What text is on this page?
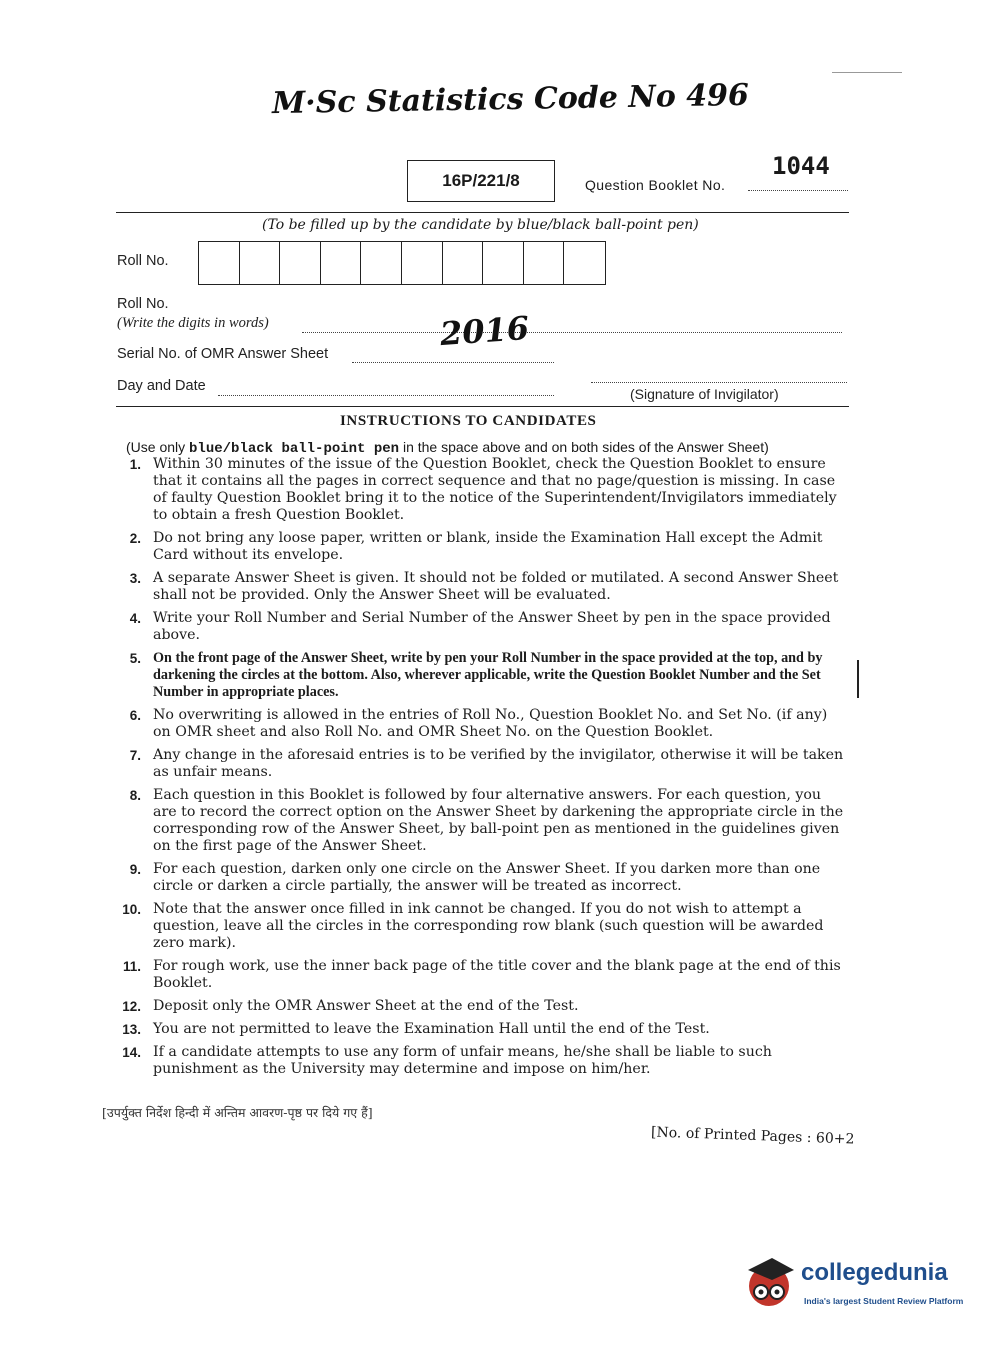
M·Sc Statistics Code No 496
16P/221/8	Question Booklet No.
1044
(To be filled up by the candidate by blue/black ball-point pen)
Roll No.
Roll No.
(Write the digits in words)	2016
Serial No. of OMR Answer Sheet
Day and Date	(Signature of Invigilator)
INSTRUCTIONS TO CANDIDATES
(Use only blue/black ball-point pen in the space above and on both sides of the Answer Sheet)
1. Within 30 minutes of the issue of the Question Booklet, check the Question Booklet to ensure that it contains all the pages in correct sequence and that no page/question is missing. In case of faulty Question Booklet bring it to the notice of the Superintendent/Invigilators immediately to obtain a fresh Question Booklet.
2. Do not bring any loose paper, written or blank, inside the Examination Hall except the Admit Card without its envelope.
3. A separate Answer Sheet is given. It should not be folded or mutilated. A second Answer Sheet shall not be provided. Only the Answer Sheet will be evaluated.
4. Write your Roll Number and Serial Number of the Answer Sheet by pen in the space provided above.
5. On the front page of the Answer Sheet, write by pen your Roll Number in the space provided at the top, and by darkening the circles at the bottom. Also, wherever applicable, write the Question Booklet Number and the Set Number in appropriate places.
6. No overwriting is allowed in the entries of Roll No., Question Booklet No. and Set No. (if any) on OMR sheet and also Roll No. and OMR Sheet No. on the Question Booklet.
7. Any change in the aforesaid entries is to be verified by the invigilator, otherwise it will be taken as unfair means.
8. Each question in this Booklet is followed by four alternative answers. For each question, you are to record the correct option on the Answer Sheet by darkening the appropriate circle in the corresponding row of the Answer Sheet, by ball-point pen as mentioned in the guidelines given on the first page of the Answer Sheet.
9. For each question, darken only one circle on the Answer Sheet. If you darken more than one circle or darken a circle partially, the answer will be treated as incorrect.
10. Note that the answer once filled in ink cannot be changed. If you do not wish to attempt a question, leave all the circles in the corresponding row blank (such question will be awarded zero mark).
11. For rough work, use the inner back page of the title cover and the blank page at the end of this Booklet.
12. Deposit only the OMR Answer Sheet at the end of the Test.
13. You are not permitted to leave the Examination Hall until the end of the Test.
14. If a candidate attempts to use any form of unfair means, he/she shall be liable to such punishment as the University may determine and impose on him/her.
[उपर्युक्त निर्देश हिन्दी में अन्तिम आवरण-पृष्ठ पर दिये गए हैं]
[No. of Printed Pages : 60+2
collegedunia
India's largest Student Review Platform
